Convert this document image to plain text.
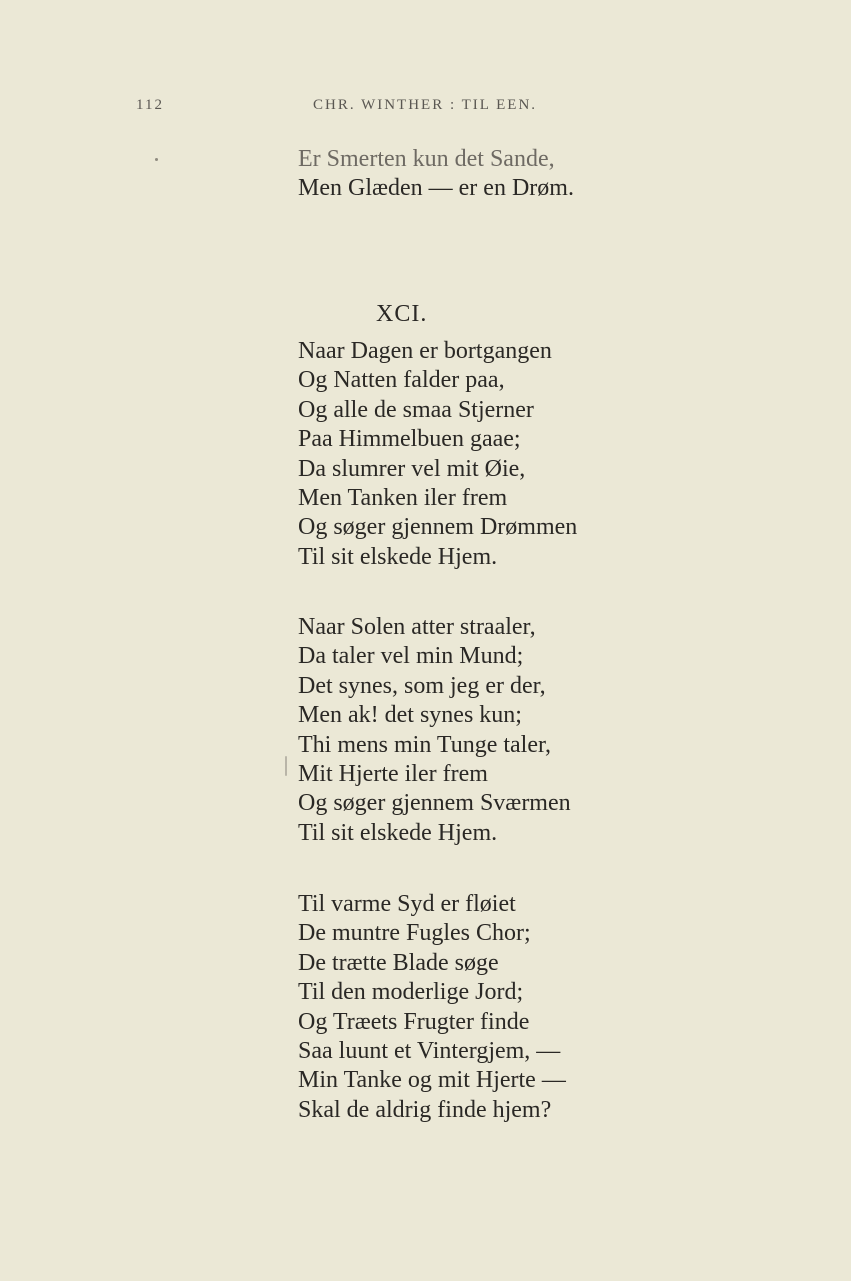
112	CHR. WINTHER : TIL EEN.
Er Smerten kun det Sande,
Men Glæden — er en Drøm.
XCI.
Naar Dagen er bortgangen
Og Natten falder paa,
Og alle de smaa Stjerner
Paa Himmelbuen gaae;
Da slumrer vel mit Øie,
Men Tanken iler frem
Og søger gjennem Drømmen
Til sit elskede Hjem.
Naar Solen atter straaler,
Da taler vel min Mund;
Det synes, som jeg er der,
Men ak! det synes kun;
Thi mens min Tunge taler,
Mit Hjerte iler frem
Og søger gjennem Sværmen
Til sit elskede Hjem.
Til varme Syd er fløiet
De muntre Fugles Chor;
De trætte Blade søge
Til den moderlige Jord;
Og Træets Frugter finde
Saa luunt et Vintergjem, —
Min Tanke og mit Hjerte —
Skal de aldrig finde hjem?
